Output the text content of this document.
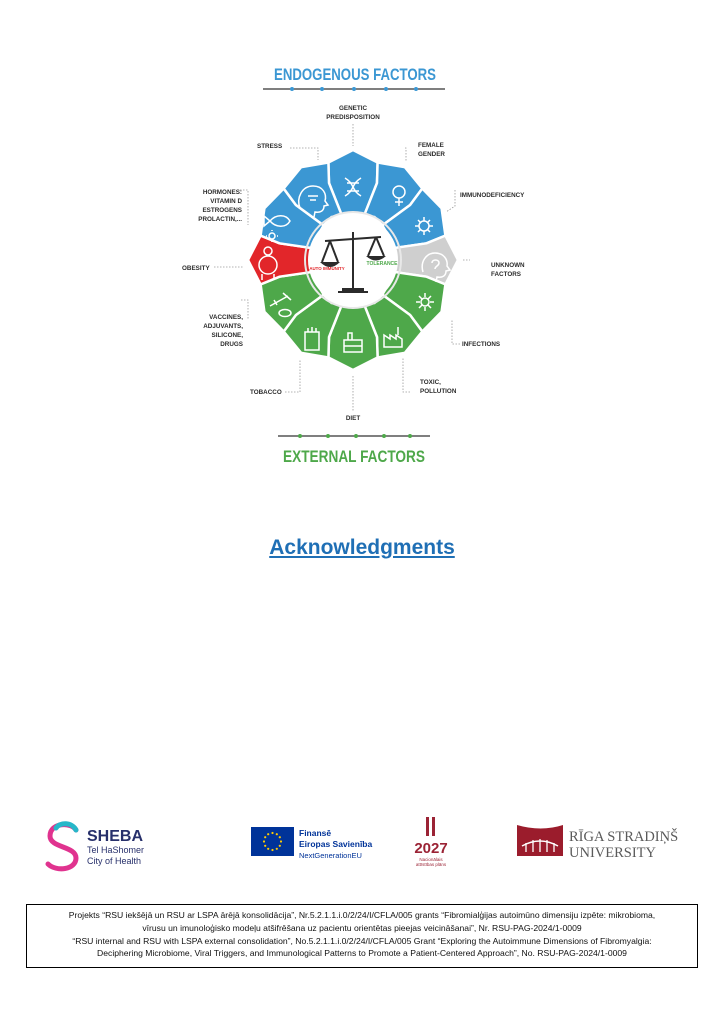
ENDOGENOUS FACTORS
EXTERNAL FACTORS
AUTO IMMUNITY
TOLERANCE
GENETIC PREDISPOSITION
STRESS	FEMALE GENDER
IMMUNODEFICIENCY
HORMONES: VITAMIN D ESTROGENS PROLACTIN,...
OBESITY	UNKNOWN FACTORS
VACCINES, ADJUVANTS, SILICONE, DRUGS	INFECTIONS
TOBACCO
TOXIC, POLLUTION
DIET
Acknowledgments
SHEBA
Tel HaShomer
City of Health
Finansē
Eiropas Savienība
NextGenerationEU	2027
Nacionālais
attīstības plāns
RĪGA STRADIŅŠ
UNIVERSITY
Projekts “RSU iekšējā un RSU ar LSPA ārējā konsolidācija”, Nr.5.2.1.1.i.0/2/24/I/CFLA/005 grants “Fibromialģijas autoimūno dimensiju izpēte: mikrobioma,
vīrusu un imunoloģisko modeļu atšifrēšana uz pacientu orientētas pieejas veicināšanai”, Nr. RSU-PAG-2024/1-0009
“RSU internal and RSU with LSPA external consolidation”, No.5.2.1.1.i.0/2/24/I/CFLA/005 Grant “Exploring the Autoimmune Dimensions of Fibromyalgia:
Deciphering Microbiome, Viral Triggers, and Immunological Patterns to Promote a Patient-Centered Approach”, No. RSU-PAG-2024/1-0009
